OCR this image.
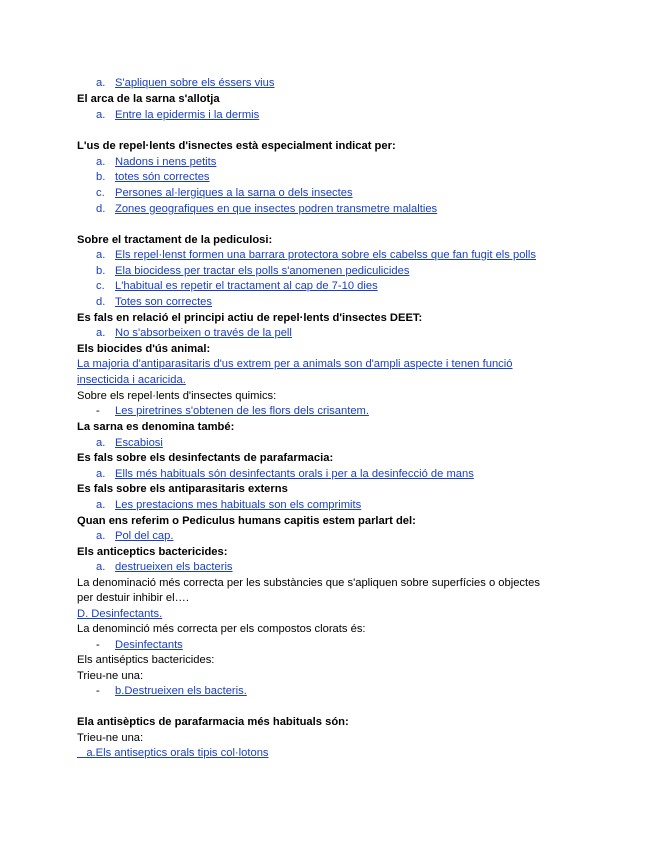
a. S'apliquen sobre els éssers vius
El arca de la sarna s'allotja
a. Entre la epidermis i la dermis
L'us de repel·lents d'isnectes està especialment indicat per:
a. Nadons i nens petits
b. totes són correctes
c. Persones al·lergiques a la sarna o dels insectes
d. Zones geografiques en que insectes podren transmetre malalties
Sobre el tractament de la pediculosi:
a. Els repel·lenst formen una barrara protectora sobre els cabelss que fan fugit els polls
b. Ela biocidess per tractar els polls s'anomenen pediculicides
c. L'habitual es repetir el tractament al cap de 7-10 dies
d. Totes son correctes
Es fals en relació el principi actiu de repel·lents d'insectes DEET:
a. No s'absorbeixen o través de la pell
Els biocides d'ús animal:
La majoria d'antiparasitaris d'us extrem per a animals son d'ampli aspecte i tenen funció
insecticida i acaricida.
Sobre els repel·lents d'insectes quimics:
-	Les piretrines s'obtenen de les flors dels crisantem.
La sarna es denomina també:
a. Escabiosi
Es fals sobre els desinfectants de parafarmacia:
a. Ells més habituals són desinfectants orals i per a la desinfecció de mans
Es fals sobre els antiparasitaris externs
a. Les prestacions mes habituals son els comprimits
Quan ens referim o Pediculus humans capitis estem parlart del:
a. Pol del cap.
Els anticeptics bactericides:
a. destrueixen els bacteris
La denominació més correcta per les substàncies que s'apliquen sobre superfícies o objectes
per destuir inhibir el….
D. Desinfectants.
La denominció més correcta per els compostos clorats és:
-	Desinfectants
Els antiséptics bactericides:
Trieu-ne una:
-	b.Destrueixen els bacteris.
Ela antisèptics de parafarmacia més habituals són:
Trieu-ne una:
a.Els antiseptics orals tipis col·lotons
